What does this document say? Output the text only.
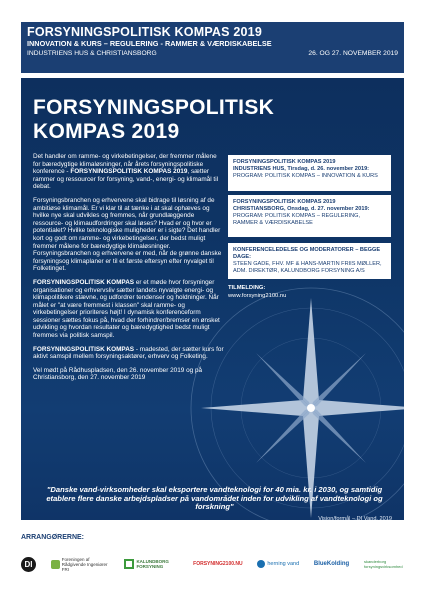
FORSYNINGSPOLITISK KOMPAS 2019
INNOVATION & KURS – REGULERING - RAMMER & VÆRDISKABELSE
INDUSTRIENS HUS & CHRISTIANSBORG	26. OG 27. NOVEMBER 2019
FORSYNINGSPOLITISK
KOMPAS 2019

Det handler om ramme- og virkebetingelser, der fremmer målene for bæredygtige klimaløsninger, når årets forsyningspolitiske konference - FORSYNINGSPOLITISK KOMPAS 2019, sætter rammer og ressourcer for forsyning, vand-, energi- og klimamål til debat.

Forsyningsbranchen og erhvervene skal bidrage til løsning af de ambitiøse klimamål. Er vi klar til at tænke i at skal ophæves og hvilke nye skal udvikles og fremmes, når grundlæggende ressource- og klimaudfordringer skal løses? Hvad er og hvor er potentialet? Hvilke teknologiske muligheder er i sigte? Det handler kort og godt om ramme- og virkebetingelser, der bedst muligt fremmer målene for bæredygtige klimaløsninger. Forsyningsbranchen og erhvervene er med, når de grønne danske forsyningsog klimaplaner er til et første eftersyn efter nyvalget til Folketinget.

FORSYNINGSPOLITISK KOMPAS er et møde hvor forsyninger organisationer og erhvervsliv sætter landets nyvalgte energi- og klimapolitikere stævne, og udfordrer tendenser og holdninger. Når målet er "at være fremmest i klassen" skal ramme- og virkebetingelser prioriteres højt! I dynamisk konferenceform sessioner sættes fokus på, hvad der forhindrer/bremser en ønsket udvikling og hvordan resultater og bæredygtighed bedst muligt fremmes via politisk samspil.

FORSYNINGSPOLITISK KOMPAS - madested, der sætter kurs for aktivt samspil mellem forsyningsaktører, erhverv og Folketing.

Vel mødt på Rådhuspladsen, den 26. november 2019 og på Christiansborg, den 27. november 2019

FORSYNINGSPOLITISK KOMPAS 2019
INDUSTRIENS HUS, Tirsdag, d. 26. november 2019:
PROGRAM: POLITISK KOMPAS – INNOVATION & KURS
FORSYNINGSPOLITISK KOMPAS 2019
CHRISTIANSBORG, Onsdag, d. 27. november 2019:
PROGRAM: POLITISK KOMPAS – REGULERING, RAMMER & VÆRDISKABELSE
KONFERENCELEDELSE OG MODERATORER – BEGGE DAGE:
STEEN GADE, FHV. MF & HANS-MARTIN FRIIS MØLLER,
ADM. DIREKTØR, KALUNDBORG FORSYNING A/S
TILMELDING:
www.forsyning2100.nu
"Danske vand-virksomheder skal eksportere vandteknologi for 40 mia. kr. i 2030, og samtidig etablere flere danske arbejdspladser på vandområdet inden for udvikling af vandteknologi og forskning"
Vision/formål – DI Vand, 2019
ARRANGØRERNE:
DI
Foreningen af Rådgivende Ingeniører FRI
KALUNDBORG FORSYNING	FORSYNING2100.NU	herning vand BlueKolding	skanderborg forsyningsvirksomhed
